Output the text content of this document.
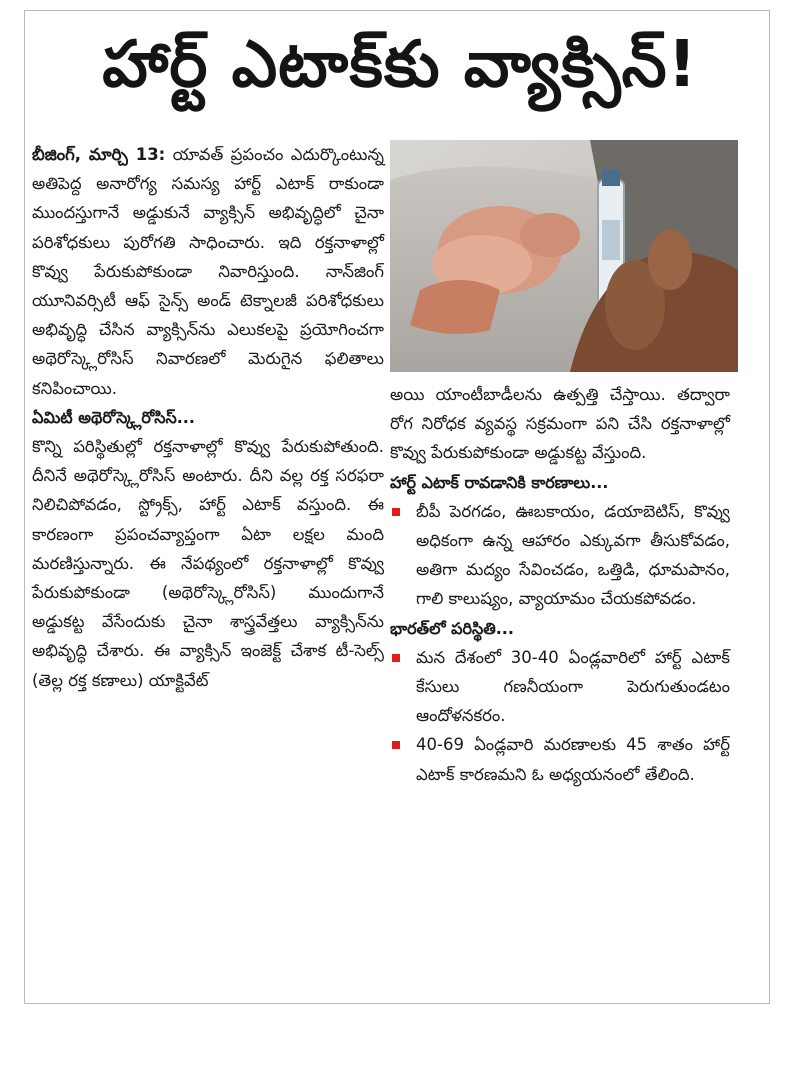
హార్ట్ ఎటాక్‌కు వ్యాక్సిన్!

బీజింగ్, మార్చి 13: యావత్ ప్రపంచం ఎదుర్కొంటున్న అతిపెద్ద అనారోగ్య సమస్య హార్ట్ ఎటాక్ రాకుండా ముందస్తుగానే అడ్డుకునే వ్యాక్సిన్ అభివృద్ధిలో చైనా పరిశోధకులు పురోగతి సాధించారు. ఇది రక్తనాళాల్లో కొవ్వు పేరుకుపోకుండా నివారిస్తుంది. నాన్‌జింగ్ యూనివర్సిటీ ఆఫ్ సైన్స్ అండ్ టెక్నాలజీ పరిశోధకులు అభివృద్ధి చేసిన వ్యాక్సిన్‌ను ఎలుకలపై ప్రయోగించగా అథెరోస్క్లెరోసిస్ నివారణలో మెరుగైన ఫలితాలు కనిపించాయి.

ఏమిటీ అథెరోస్క్లెరోసిస్...

కొన్ని పరిస్థితుల్లో రక్తనాళాల్లో కొవ్వు పేరుకుపోతుంది. దీనినే అథెరోస్క్లెరోసిస్ అంటారు. దీని వల్ల రక్త సరఫరా నిలిచిపోవడం, స్ట్రోక్స్, హార్ట్ ఎటాక్ వస్తుంది. ఈ కారణంగా ప్రపంచవ్యాప్తంగా ఏటా లక్షల మంది మరణిస్తున్నారు. ఈ నేపథ్యంలో రక్తనాళాల్లో కొవ్వు పేరుకుపోకుండా (అథెరోస్క్లెరోసిస్) ముందుగానే అడ్డుకట్ట వేసేందుకు చైనా శాస్త్రవేత్తలు వ్యాక్సిన్‌ను అభివృద్ధి చేశారు. ఈ వ్యాక్సిన్ ఇంజెక్ట్ చేశాక టీ-సెల్స్ (తెల్ల రక్త కణాలు) యాక్టివేట్

అయి యాంటీబాడీలను ఉత్పత్తి చేస్తాయి. తద్వారా రోగ నిరోధక వ్యవస్థ సక్రమంగా పని చేసి రక్తనాళాల్లో కొవ్వు పేరుకుపోకుండా అడ్డుకట్ట వేస్తుంది.

హార్ట్ ఎటాక్ రావడానికి కారణాలు...

బీపీ పెరగడం, ఊబకాయం, డయాబెటిస్, కొవ్వు అధికంగా ఉన్న ఆహారం ఎక్కువగా తీసుకోవడం, అతిగా మద్యం సేవించడం, ఒత్తిడి, ధూమపానం, గాలి కాలుష్యం, వ్యాయామం చేయకపోవడం.

భారత్‌లో పరిస్థితి...

మన దేశంలో 30-40 ఏండ్లవారిలో హార్ట్ ఎటాక్ కేసులు గణనీయంగా పెరుగుతుండటం ఆందోళనకరం.

40-69 ఏండ్లవారి మరణాలకు 45 శాతం హార్ట్ ఎటాక్ కారణమని ఓ అధ్యయనంలో తేలింది.
